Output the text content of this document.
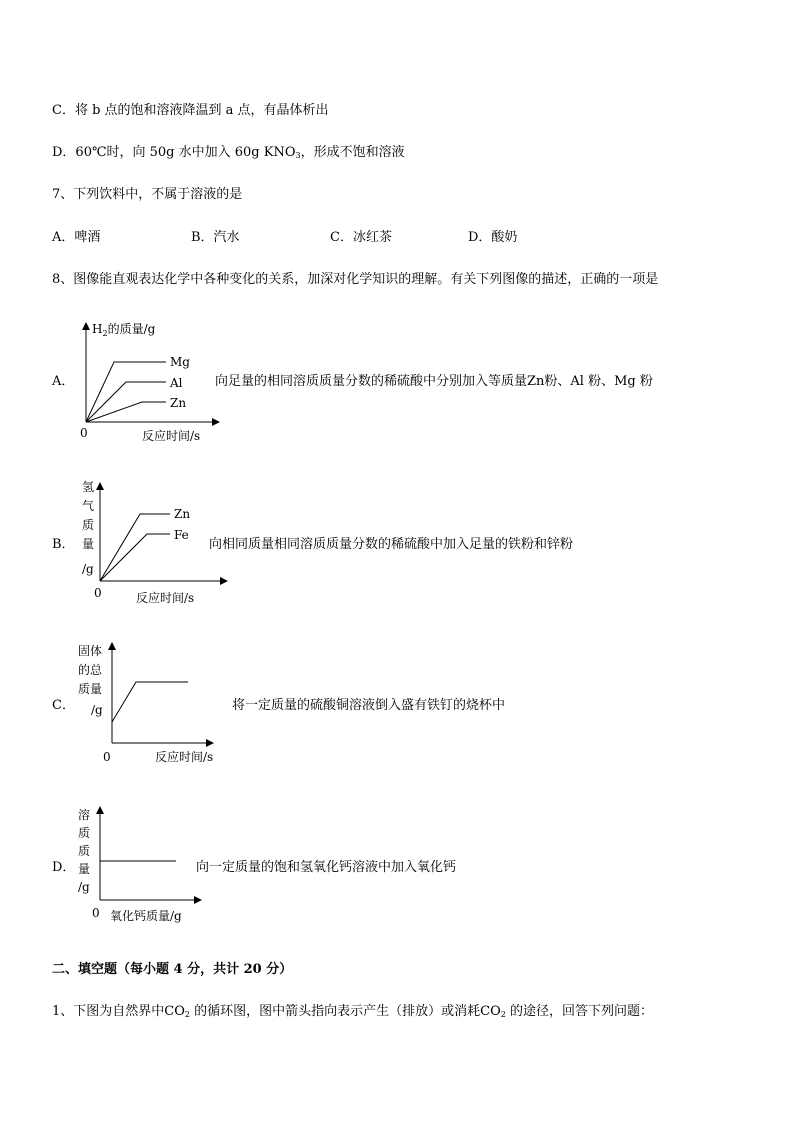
C．将 b 点的饱和溶液降温到 a 点，有晶体析出
D．60℃时，向 50g 水中加入 60g $KNO_3$，形成不饱和溶液
7、下列饮料中，不属于溶液的是
A．啤酒	B．汽水	C．冰红茶	D．酸奶
8、图像能直观表达化学中各种变化的关系，加深对化学知识的理解。有关下列图像的描述，正确的一项是
A．
Mg
Al
Zn
0	反应时间/s
$H_2$的质量/g
向足量的相同溶质质量分数的稀硫酸中分别加入等质量Zn粉、Al 粉、Mg 粉
B．
Zn
Fe
0	反应时间/s
氢
气
质
量
/g
向相同质量相同溶质质量分数的稀硫酸中加入足量的铁粉和锌粉
C．
0	反应时间/s
固体
的总
质量
/g	将一定质量的硫酸铜溶液倒入盛有铁钉的烧杯中
D．
0 氧化钙质量/g
溶
质
质
量
/g
向一定质量的饱和氢氧化钙溶液中加入氧化钙
二、填空题（每小题 4 分，共计 20 分）
1、下图为自然界中$CO_2$ 的循环图，图中箭头指向表示产生（排放）或消耗$CO_2$ 的途径，回答下列问题：
